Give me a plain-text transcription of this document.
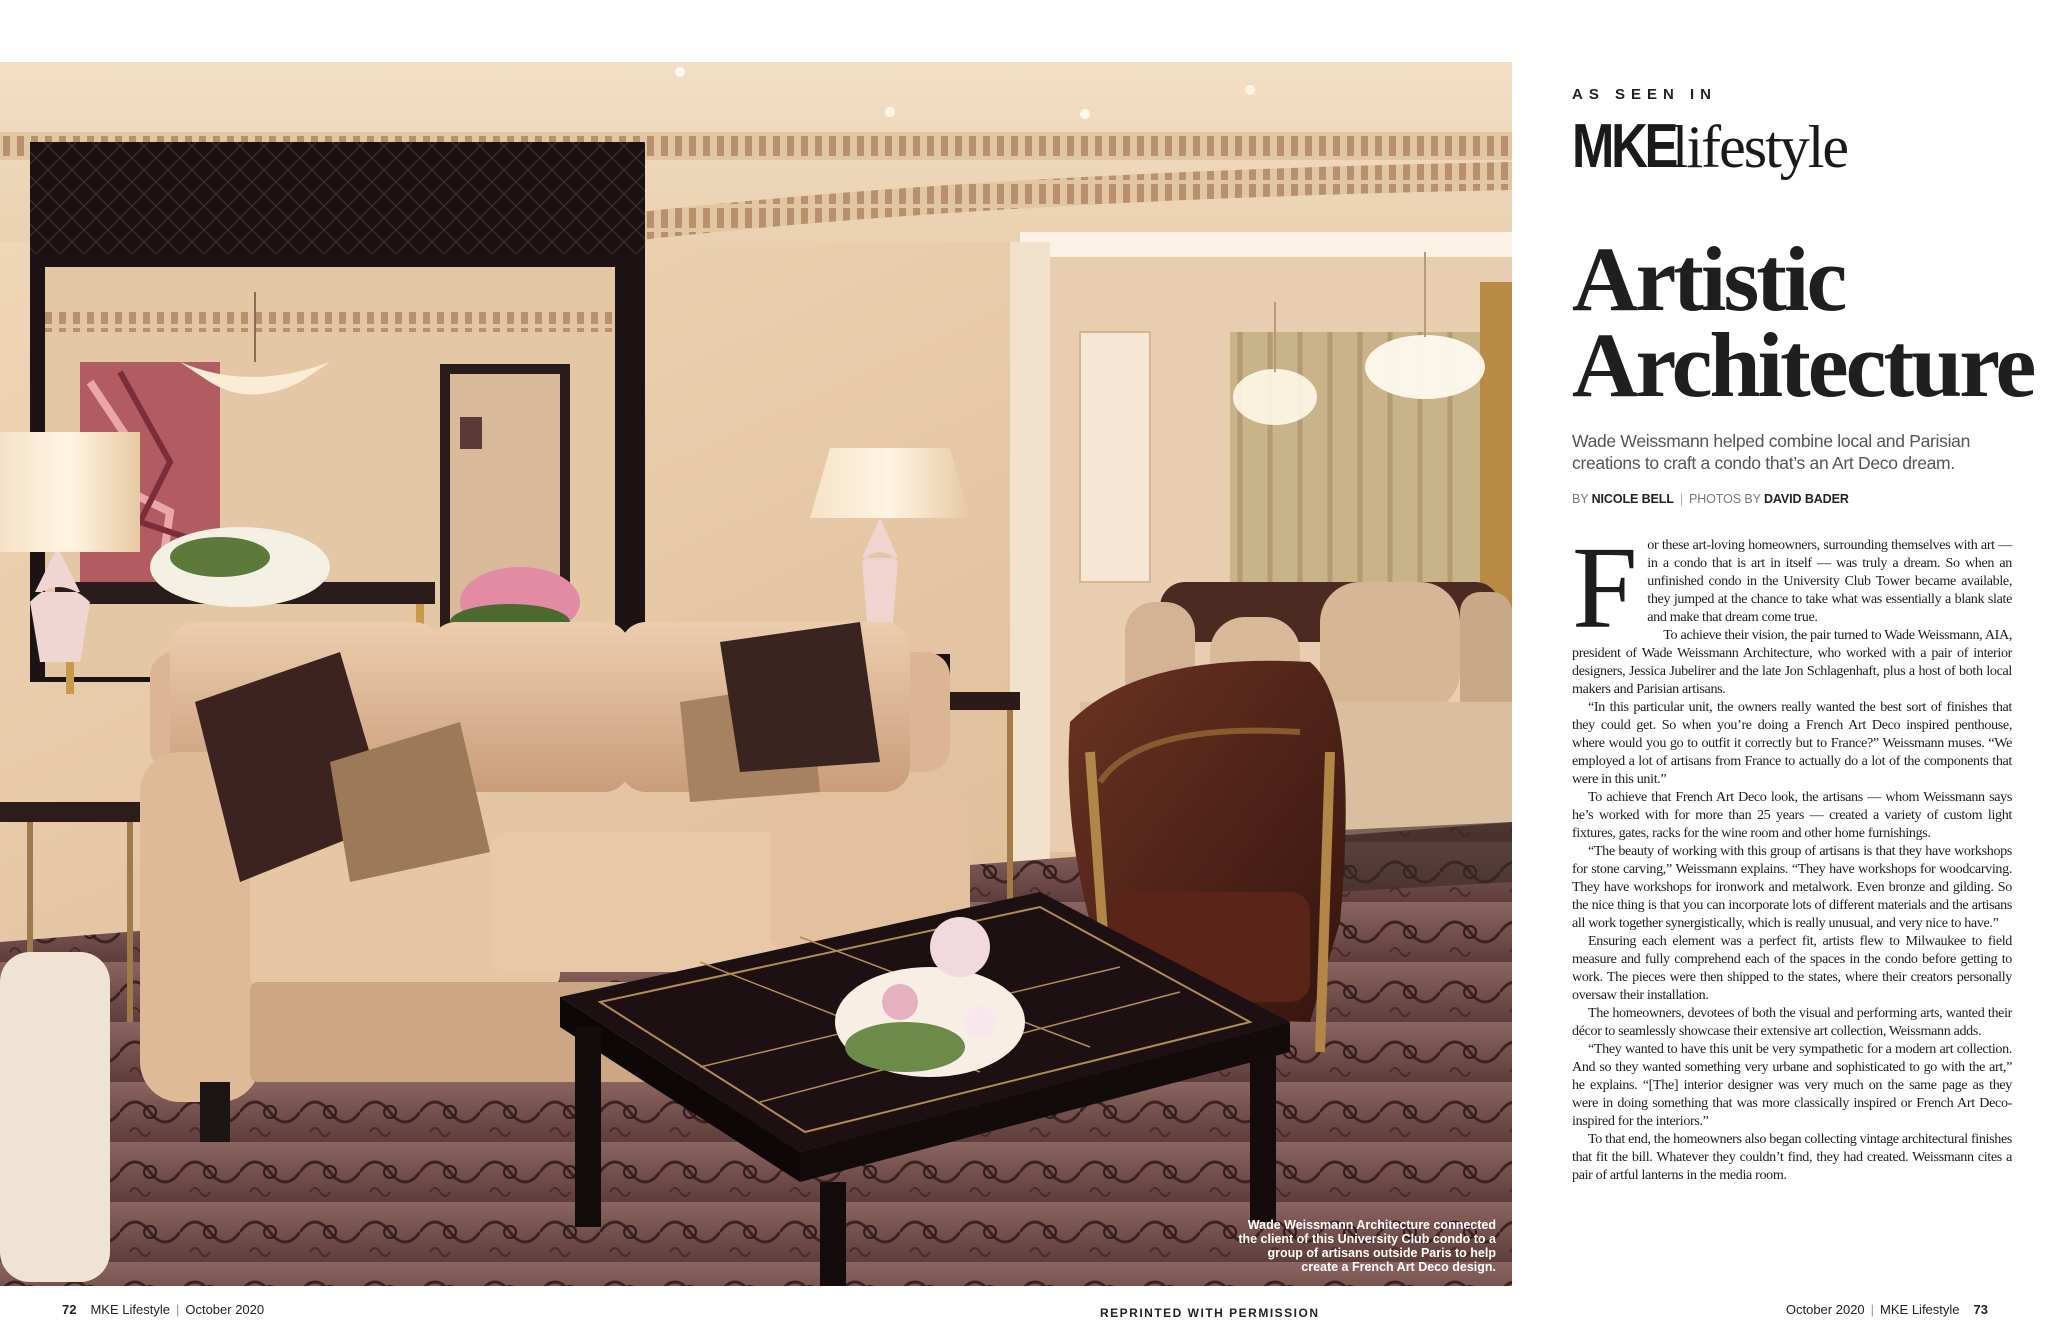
Wade Weissmann Architecture connected the client of this University Club condo to a group of artisans outside Paris to help create a French Art Deco design.
72 MKE Lifestyle | October 2020	REPRINTED WITH PERMISSION	October 2020 | MKE Lifestyle 73
AS SEEN IN
MKE
lifestyle
Artistic
Architecture
Wade Weissmann helped combine local and Parisian creations to craft a condo that’s an Art Deco dream.
BY NICOLE BELL | PHOTOS BY DAVID BADER

For these art-loving homeowners, surrounding themselves with art — in a condo that is art in itself — was truly a dream. So when an unfinished condo in the University Club Tower became available, they jumped at the chance to take what was essentially a blank slate and make that dream come true.

To achieve their vision, the pair turned to Wade Weissmann, AIA, president of Wade Weissmann Architecture, who worked with a pair of interior designers, Jessica Jubelirer and the late Jon Schlagenhaft, plus a host of both local makers and Parisian artisans.

“In this particular unit, the owners really wanted the best sort of finishes that they could get. So when you’re doing a French Art Deco inspired penthouse, where would you go to outfit it correctly but to France?” Weissmann muses. “We employed a lot of artisans from France to actually do a lot of the components that were in this unit.”

To achieve that French Art Deco look, the artisans — whom Weissmann says he’s worked with for more than 25 years — created a variety of custom light fixtures, gates, racks for the wine room and other home furnishings.

“The beauty of working with this group of artisans is that they have workshops for stone carving,” Weissmann explains. “They have workshops for woodcarving. They have workshops for ironwork and metalwork. Even bronze and gilding. So the nice thing is that you can incorporate lots of different materials and the artisans all work together synergistically, which is really unusual, and very nice to have.”

Ensuring each element was a perfect fit, artists flew to Milwaukee to field measure and fully comprehend each of the spaces in the condo before getting to work. The pieces were then shipped to the states, where their creators personally oversaw their installation.

The homeowners, devotees of both the visual and performing arts, wanted their décor to seamlessly showcase their extensive art collection, Weissmann adds.

“They wanted to have this unit be very sympathetic for a modern art collection. And so they wanted something very urbane and sophisticated to go with the art,” he explains. “[The] interior designer was very much on the same page as they were in doing something that was more classically inspired or French Art Deco-inspired for the interiors.”

To that end, the homeowners also began collecting vintage architectural finishes that fit the bill. Whatever they couldn’t find, they had created. Weissmann cites a pair of artful lanterns in the media room.
